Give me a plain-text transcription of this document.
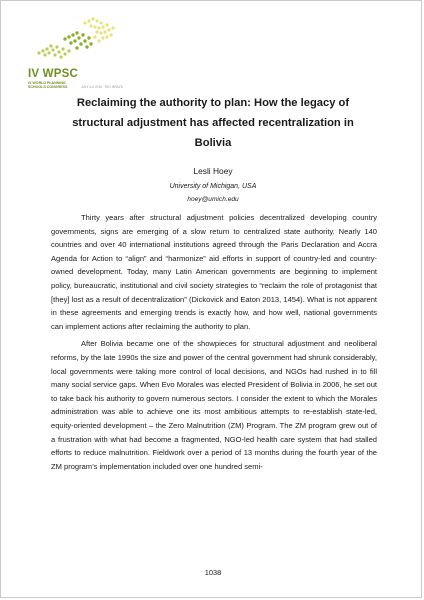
IV WPSC
IV WORLD PLANNING
SCHOOLS CONGRESS	JULY 4-8 2016 · RIO, BRAZIL
Reclaiming the authority to plan: How the legacy of structural adjustment has affected recentralization in Bolivia
Lesli Hoey
University of Michigan, USA
hoey@umich.edu

Thirty years after structural adjustment policies decentralized developing country governments, signs are emerging of a slow return to centralized state authority. Nearly 140 countries and over 40 international institutions agreed through the Paris Declaration and Accra Agenda for Action to “align” and “harmonize” aid efforts in support of country-led and country-owned development. Today, many Latin American governments are beginning to implement policy, bureaucratic, institutional and civil society strategies to “reclaim the role of protagonist that [they] lost as a result of decentralization” (Dickovick and Eaton 2013, 1454). What is not apparent in these agreements and emerging trends is exactly how, and how well, national governments can implement actions after reclaiming the authority to plan.

After Bolivia became one of the showpieces for structural adjustment and neoliberal reforms, by the late 1990s the size and power of the central government had shrunk considerably, local governments were taking more control of local decisions, and NGOs had rushed in to fill many social service gaps. When Evo Morales was elected President of Bolivia in 2006, he set out to take back his authority to govern numerous sectors. I consider the extent to which the Morales administration was able to achieve one its most ambitious attempts to re-establish state-led, equity-oriented development – the Zero Malnutrition (ZM) Program. The ZM program grew out of a frustration with what had become a fragmented, NGO-led health care system that had stalled efforts to reduce malnutrition. Fieldwork over a period of 13 months during the fourth year of the ZM program’s implementation included over one hundred semi-

1038
